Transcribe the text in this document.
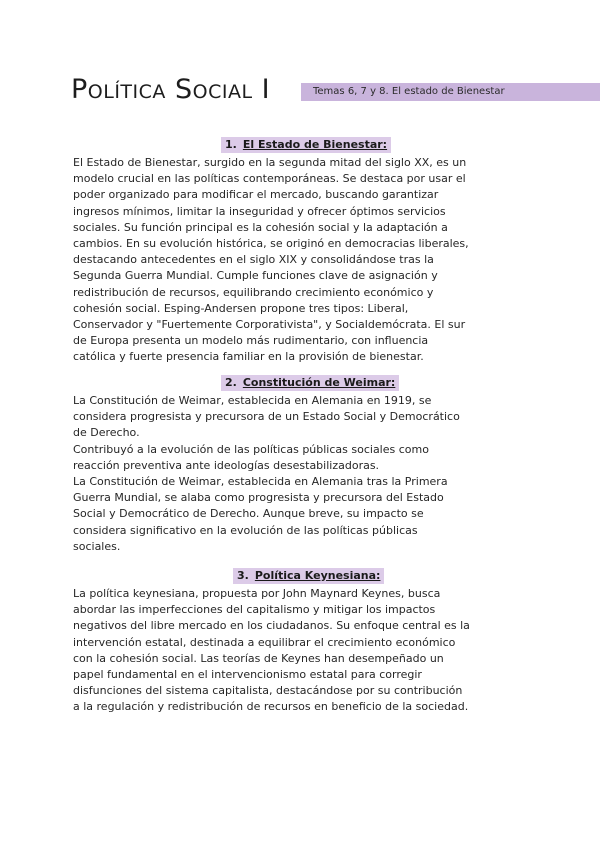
Política Social I	Temas 6, 7 y 8. El estado de Bienestar
1. El Estado de Bienestar:
El Estado de Bienestar, surgido en la segunda mitad del siglo XX, es un
modelo crucial en las políticas contemporáneas. Se destaca por usar el
poder organizado para modificar el mercado, buscando garantizar
ingresos mínimos, limitar la inseguridad y ofrecer óptimos servicios
sociales. Su función principal es la cohesión social y la adaptación a
cambios. En su evolución histórica, se originó en democracias liberales,
destacando antecedentes en el siglo XIX y consolidándose tras la
Segunda Guerra Mundial. Cumple funciones clave de asignación y
redistribución de recursos, equilibrando crecimiento económico y
cohesión social. Esping-Andersen propone tres tipos: Liberal,
Conservador y "Fuertemente Corporativista", y Socialdemócrata. El sur
de Europa presenta un modelo más rudimentario, con influencia
católica y fuerte presencia familiar en la provisión de bienestar.
2. Constitución de Weimar:
La Constitución de Weimar, establecida en Alemania en 1919, se
considera progresista y precursora de un Estado Social y Democrático
de Derecho.
Contribuyó a la evolución de las políticas públicas sociales como
reacción preventiva ante ideologías desestabilizadoras.
La Constitución de Weimar, establecida en Alemania tras la Primera
Guerra Mundial, se alaba como progresista y precursora del Estado
Social y Democrático de Derecho. Aunque breve, su impacto se
considera significativo en la evolución de las políticas públicas
sociales.
3. Política Keynesiana:
La política keynesiana, propuesta por John Maynard Keynes, busca
abordar las imperfecciones del capitalismo y mitigar los impactos
negativos del libre mercado en los ciudadanos. Su enfoque central es la
intervención estatal, destinada a equilibrar el crecimiento económico
con la cohesión social. Las teorías de Keynes han desempeñado un
papel fundamental en el intervencionismo estatal para corregir
disfunciones del sistema capitalista, destacándose por su contribución
a la regulación y redistribución de recursos en beneficio de la sociedad.
